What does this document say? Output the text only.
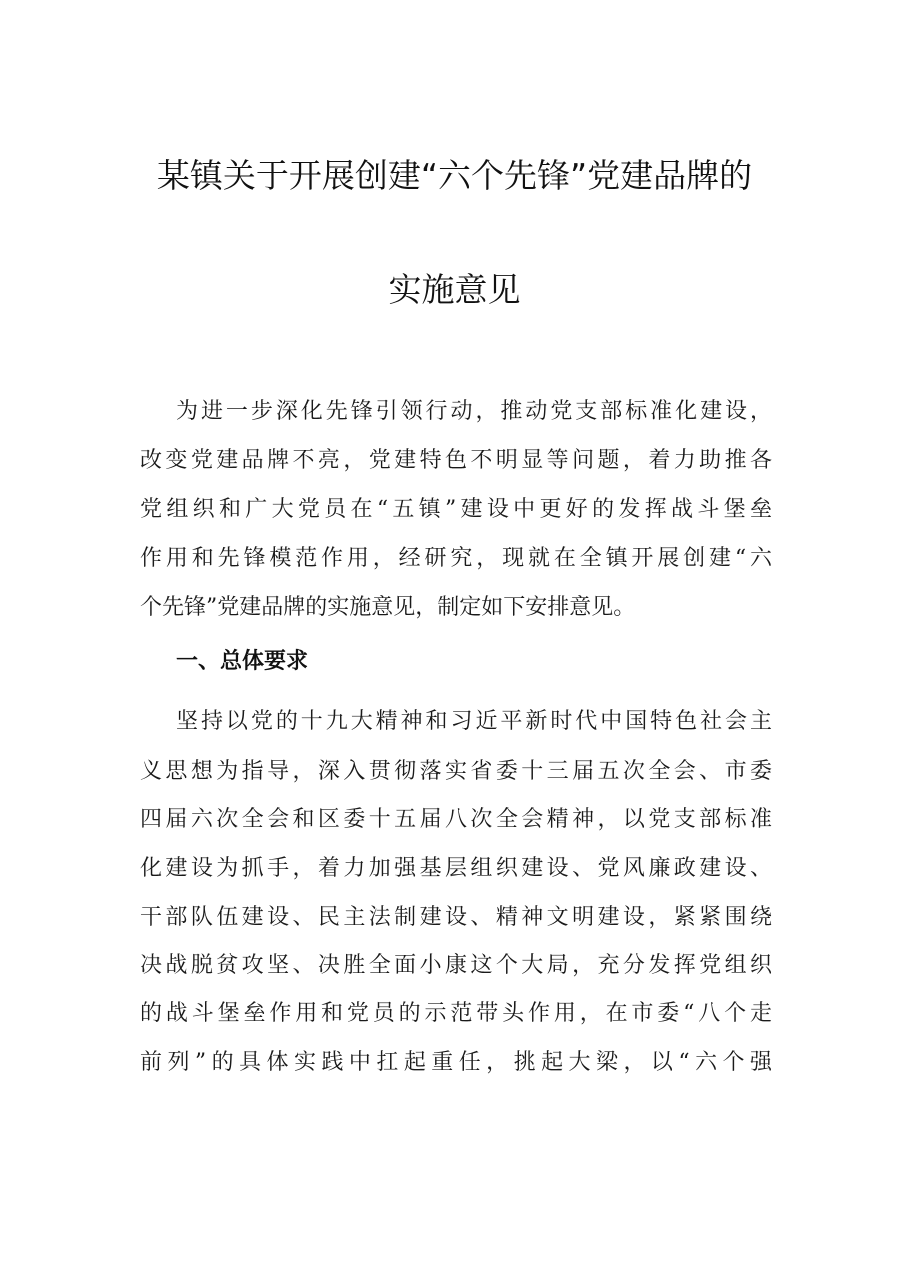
某镇关于开展创建“六个先锋”党建品牌的
实施意见
为进一步深化先锋引领行动，推动党支部标准化建设，
改变党建品牌不亮，党建特色不明显等问题，着力助推各
党组织和广大党员在“五镇”建设中更好的发挥战斗堡垒
作用和先锋模范作用，经研究，现就在全镇开展创建“六
个先锋”党建品牌的实施意见，制定如下安排意见。
一、总体要求
坚持以党的十九大精神和习近平新时代中国特色社会主
义思想为指导，深入贯彻落实省委十三届五次全会、市委
四届六次全会和区委十五届八次全会精神，以党支部标准
化建设为抓手，着力加强基层组织建设、党风廉政建设、
干部队伍建设、民主法制建设、精神文明建设，紧紧围绕
决战脱贫攻坚、决胜全面小康这个大局，充分发挥党组织
的战斗堡垒作用和党员的示范带头作用，在市委“八个走
前列”的具体实践中扛起重任，挑起大梁，以“六个强
